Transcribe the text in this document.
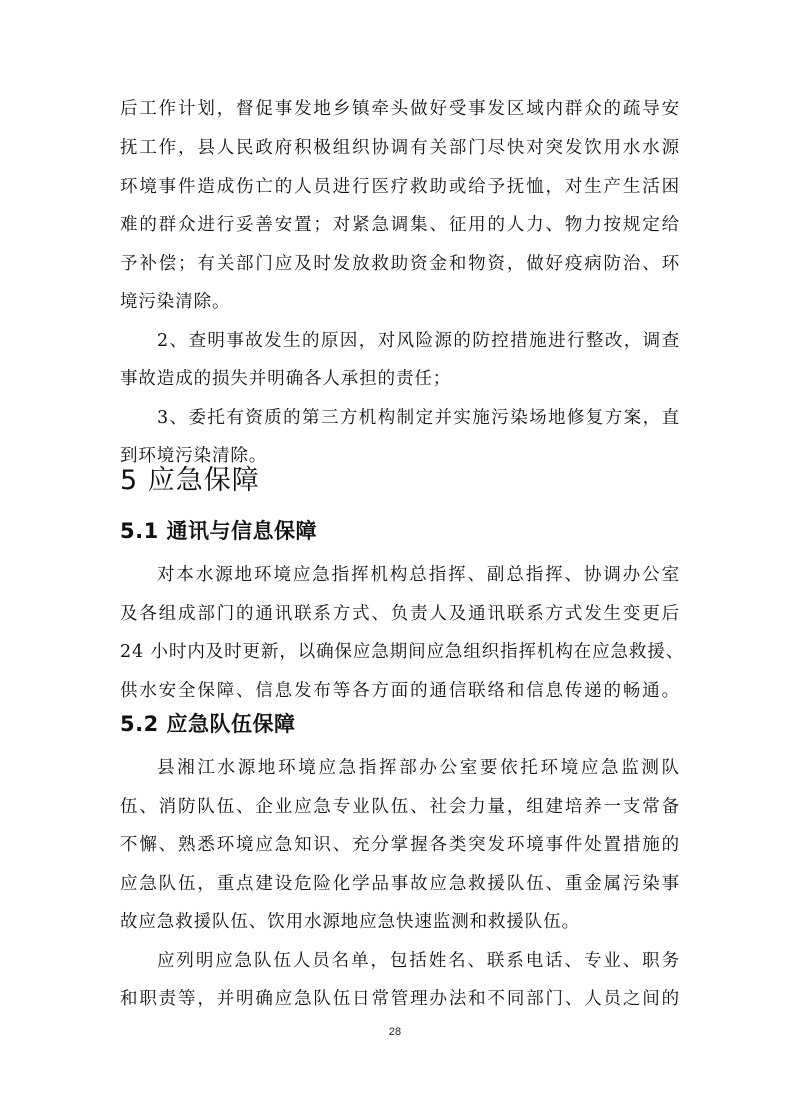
后工作计划，督促事发地乡镇牵头做好受事发区域内群众的疏导安
抚工作，县人民政府积极组织协调有关部门尽快对突发饮用水水源
环境事件造成伤亡的人员进行医疗救助或给予抚恤，对生产生活困
难的群众进行妥善安置；对紧急调集、征用的人力、物力按规定给
予补偿；有关部门应及时发放救助资金和物资，做好疫病防治、环
境污染清除。
2、查明事故发生的原因，对风险源的防控措施进行整改，调查
事故造成的损失并明确各人承担的责任；
3、委托有资质的第三方机构制定并实施污染场地修复方案，直
到环境污染清除。
5 应急保障
5.1 通讯与信息保障
对本水源地环境应急指挥机构总指挥、副总指挥、协调办公室
及各组成部门的通讯联系方式、负责人及通讯联系方式发生变更后
24 小时内及时更新，以确保应急期间应急组织指挥机构在应急救援、
供水安全保障、信息发布等各方面的通信联络和信息传递的畅通。
5.2 应急队伍保障
县湘江水源地环境应急指挥部办公室要依托环境应急监测队
伍、消防队伍、企业应急专业队伍、社会力量，组建培养一支常备
不懈、熟悉环境应急知识、充分掌握各类突发环境事件处置措施的
应急队伍，重点建设危险化学品事故应急救援队伍、重金属污染事
故应急救援队伍、饮用水源地应急快速监测和救援队伍。
应列明应急队伍人员名单，包括姓名、联系电话、专业、职务
和职责等，并明确应急队伍日常管理办法和不同部门、人员之间的
28
